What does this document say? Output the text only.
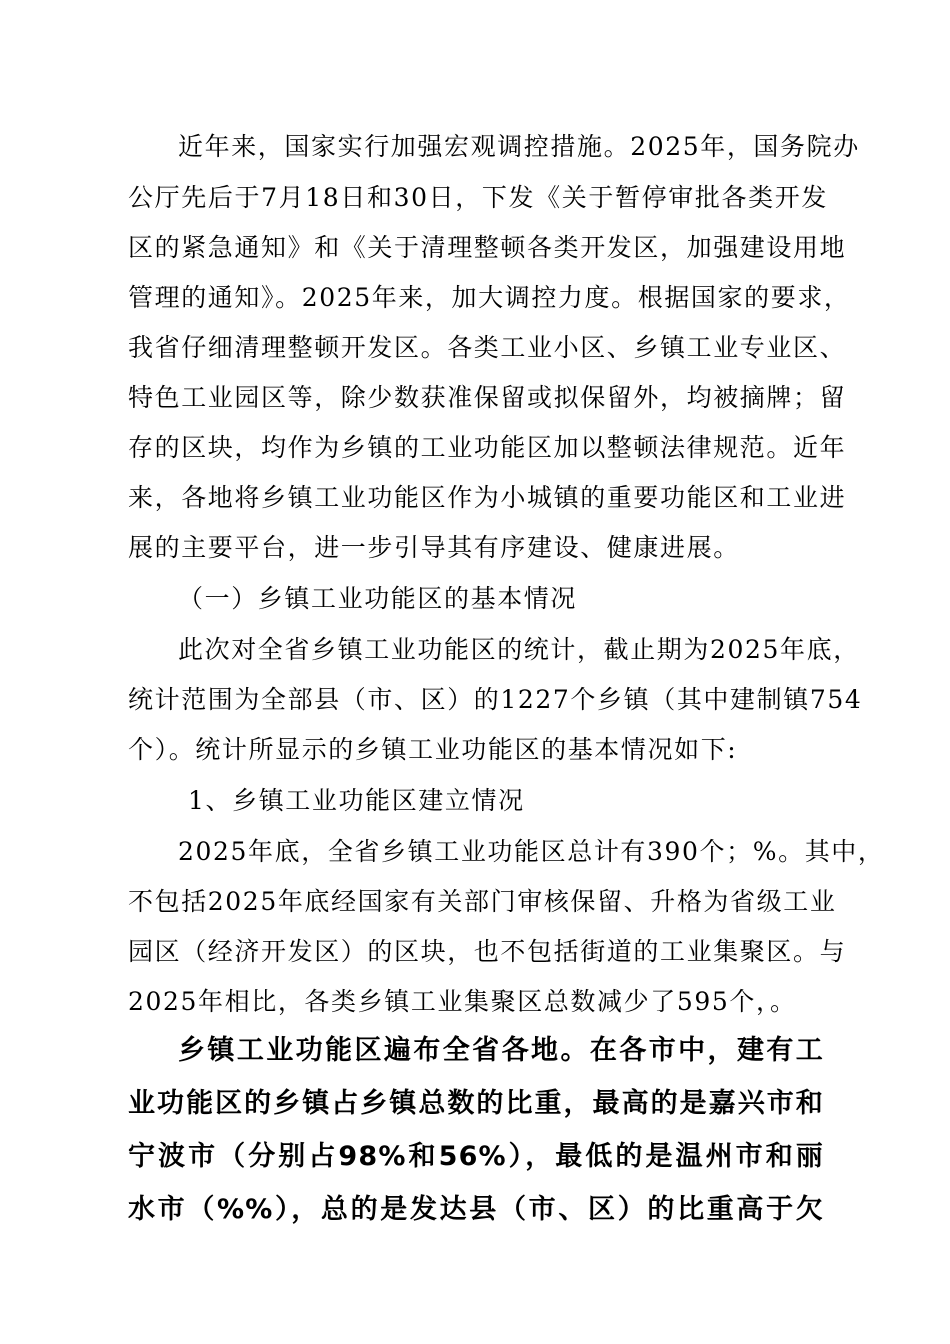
近年来，国家实行加强宏观调控措施。2025年，国务院办
公厅先后于7月18日和30日，下发《关于暂停审批各类开发
区的紧急通知》和《关于清理整顿各类开发区，加强建设用地
管理的通知》。2025年来，加大调控力度。根据国家的要求，
我省仔细清理整顿开发区。各类工业小区、乡镇工业专业区、
特色工业园区等，除少数获准保留或拟保留外，均被摘牌；留
存的区块，均作为乡镇的工业功能区加以整顿法律规范。近年
来，各地将乡镇工业功能区作为小城镇的重要功能区和工业进
展的主要平台，进一步引导其有序建设、健康进展。
（一）乡镇工业功能区的基本情况
此次对全省乡镇工业功能区的统计，截止期为2025年底，
统计范围为全部县（市、区）的1227个乡镇（其中建制镇754
个）。统计所显示的乡镇工业功能区的基本情况如下:
1、乡镇工业功能区建立情况
2025年底，全省乡镇工业功能区总计有390个；%。其中，
不包括2025年底经国家有关部门审核保留、升格为省级工业
园区（经济开发区）的区块，也不包括街道的工业集聚区。与
2025年相比，各类乡镇工业集聚区总数减少了595个，。
乡镇工业功能区遍布全省各地。在各市中，建有工
业功能区的乡镇占乡镇总数的比重，最高的是嘉兴市和
宁波市（分别占98%和56%），最低的是温州市和丽
水市（%%），总的是发达县（市、区）的比重高于欠
